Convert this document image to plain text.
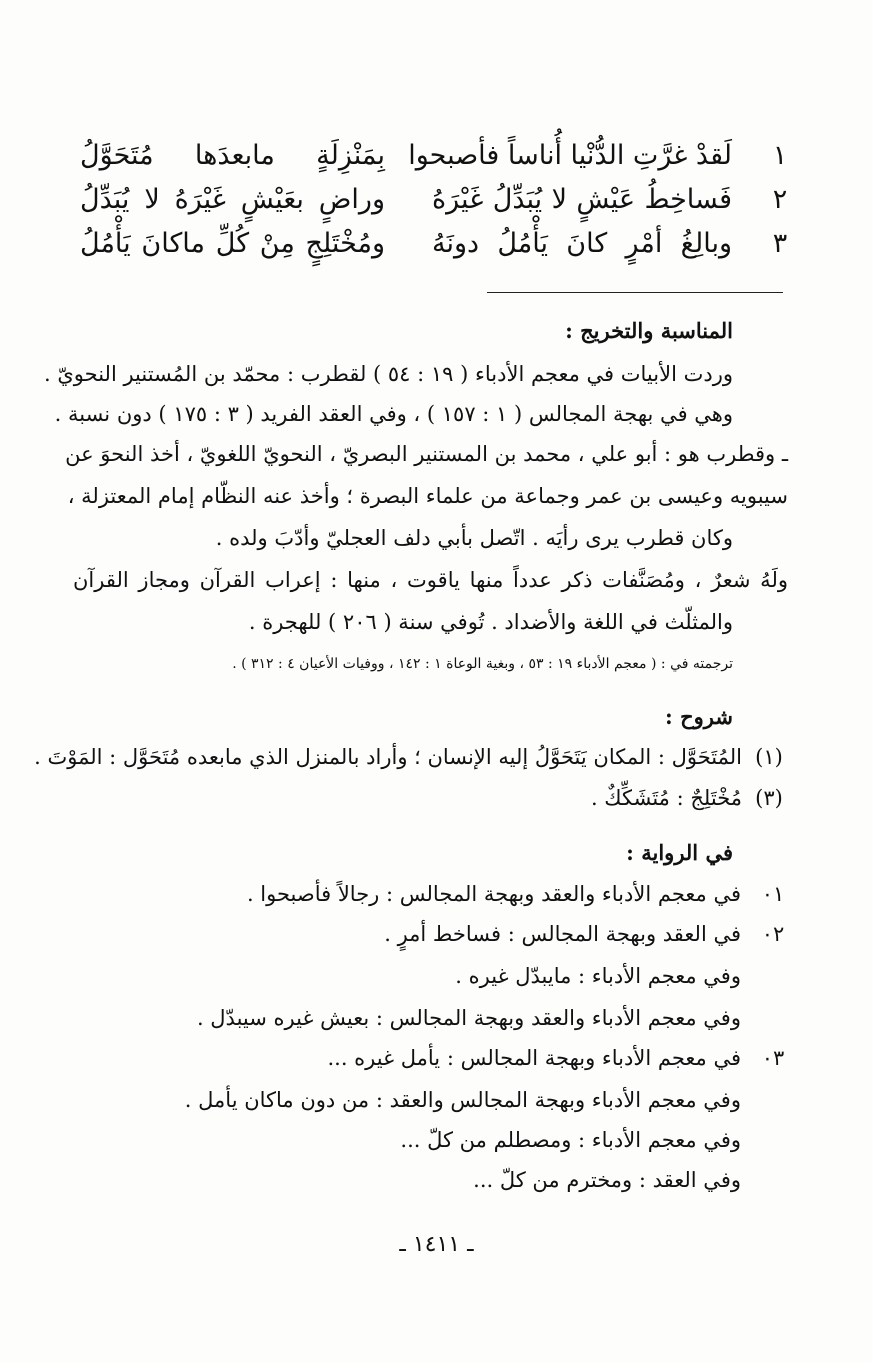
١
لَقدْ غرَّتِ الدُّنْيا أُناساً فأصبحوا
بِمَنْزِلَةٍ مابعدَها مُتَحَوَّلُ
٢
فَساخِطُ عَيْشٍ لا يُبَدِّلُ غَيْرَهُ
وراضٍ بعَيْشٍ غَيْرَهُ لا يُبَدِّلُ
٣
وبالِغُ أمْرٍ كانَ يَأْمُلُ دونَهُ
ومُخْتَلِجٍ مِنْ كُلِّ ماكانَ يَأْمُلُ
المناسبة والتخريج :
وردت الأبيات في معجم الأدباء ( ١٩ : ٥٤ ) لقطرب : محمّد بن المُستنير النحويّ .
وهي في بهجة المجالس ( ١ : ١٥٧ ) ، وفي العقد الفريد ( ٣ : ١٧٥ ) دون نسبة .
ـ وقطرب هو : أبو علي ، محمد بن المستنير البصريّ ، النحويّ اللغويّ ، أخذ النحوَ عن
سيبويه وعيسى بن عمر وجماعة من علماء البصرة ؛ وأخذ عنه النظّام إمام المعتزلة ،
وكان قطرب يرى رأيَه . اتّصل بأبي دلف العجليّ وأدّبَ ولده .
ولَهُ شعرٌ ، ومُصَنَّفات ذكر عدداً منها ياقوت ، منها : إعراب القرآن ومجاز القرآن
والمثلّث في اللغة والأضداد . تُوفي سنة ( ٢٠٦ ) للهجرة .
ترجمته في : ( معجم الأدباء ١٩ : ٥٣ ، وبغية الوعاة ١ : ١٤٢ ، ووفيات الأعيان ٤ : ٣١٢ ) .
شروح :
(١)المُتَحَوَّل : المكان يَتَحَوَّلُ إليه الإنسان ؛ وأراد بالمنزل الذي مابعده مُتَحَوَّل : المَوْتَ .
(٣)مُخْتَلِجٌ : مُتَشَكِّكٌ .
في الرواية :
٠١
في معجم الأدباء والعقد وبهجة المجالس : رجالاً فأصبحوا .
٠٢
في العقد وبهجة المجالس : فساخط أمرٍ .
وفي معجم الأدباء : مايبدّل غيره .
وفي معجم الأدباء والعقد وبهجة المجالس : بعيش غيره سيبدّل .
٠٣
في معجم الأدباء وبهجة المجالس : يأمل غيره ...
وفي معجم الأدباء وبهجة المجالس والعقد : من دون ماكان يأمل .
وفي معجم الأدباء : ومصطلم من كلّ ...
وفي العقد : ومخترم من كلّ ...
ـ ١٤١١ ـ
